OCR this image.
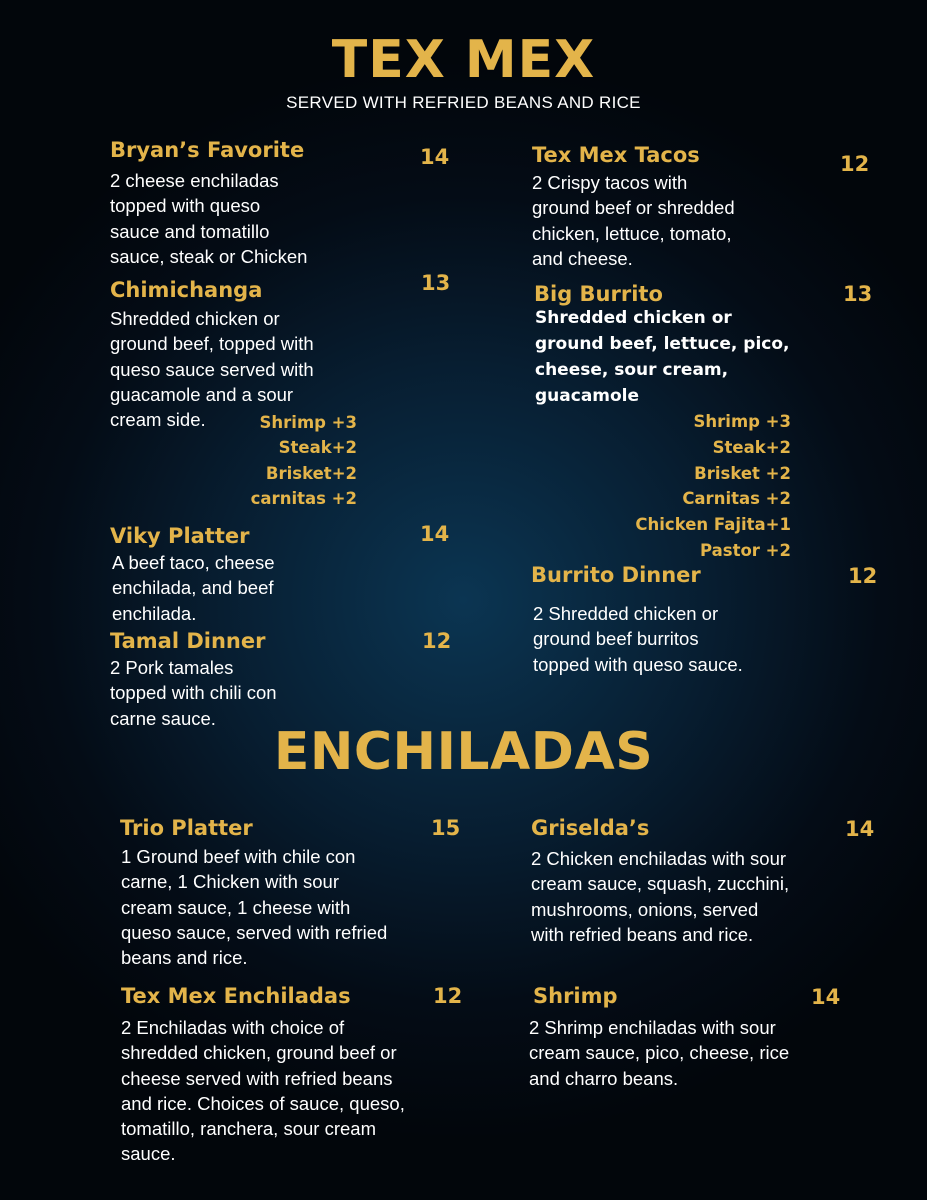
TEX MEX
SERVED WITH REFRIED BEANS AND RICE
Bryan’s Favorite	14
2 cheese enchiladas
topped with queso
sauce and tomatillo
sauce, steak or Chicken
Chimichanga	13
Shredded chicken or
ground beef, topped with
queso sauce served with
guacamole and a sour
cream side.	Shrimp +3
Steak+2
Brisket+2
carnitas +2
Viky Platter	14
A beef taco, cheese
enchilada, and beef
enchilada.
Tamal Dinner	12
2 Pork tamales
topped with chili con
carne sauce.
Tex Mex Tacos	12
2 Crispy tacos with
ground beef or shredded
chicken, lettuce, tomato,
and cheese.
Big Burrito	13
Shredded chicken or
ground beef, lettuce, pico,
cheese, sour cream,
guacamole
Shrimp +3
Steak+2
Brisket +2
Carnitas +2
Chicken Fajita+1
Pastor +2
Burrito Dinner	12
2 Shredded chicken or
ground beef burritos
topped with queso sauce.
ENCHILADAS
Trio Platter	15
1 Ground beef with chile con
carne, 1 Chicken with sour
cream sauce, 1 cheese with
queso sauce, served with refried
beans and rice.
Tex Mex Enchiladas	12
2 Enchiladas with choice of
shredded chicken, ground beef or
cheese served with refried beans
and rice. Choices of sauce, queso,
tomatillo, ranchera, sour cream
sauce.
Griselda’s	14
2 Chicken enchiladas with sour
cream sauce, squash, zucchini,
mushrooms, onions, served
with refried beans and rice.
Shrimp	14
2 Shrimp enchiladas with sour
cream sauce, pico, cheese, rice
and charro beans.
